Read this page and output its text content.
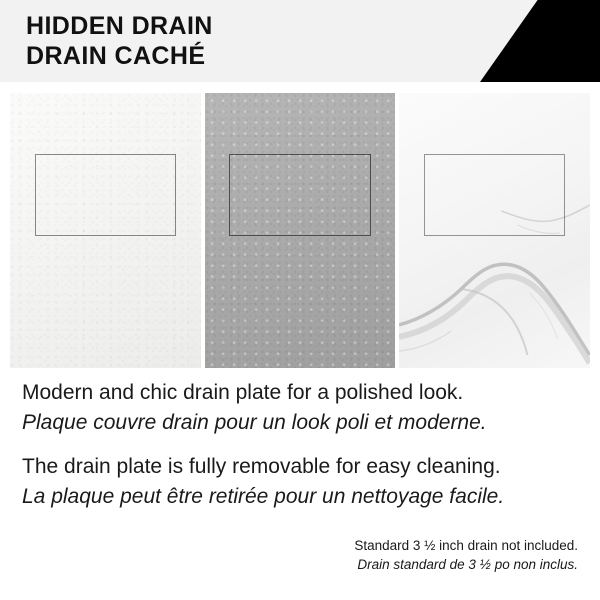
HIDDEN DRAIN
DRAIN CACHÉ
Modern and chic drain plate for a polished look.
Plaque couvre drain pour un look poli et moderne.
The drain plate is fully removable for easy cleaning.
La plaque peut être retirée pour un nettoyage facile.
Standard 3 ½ inch drain not included.
Drain standard de 3 ½ po non inclus.
